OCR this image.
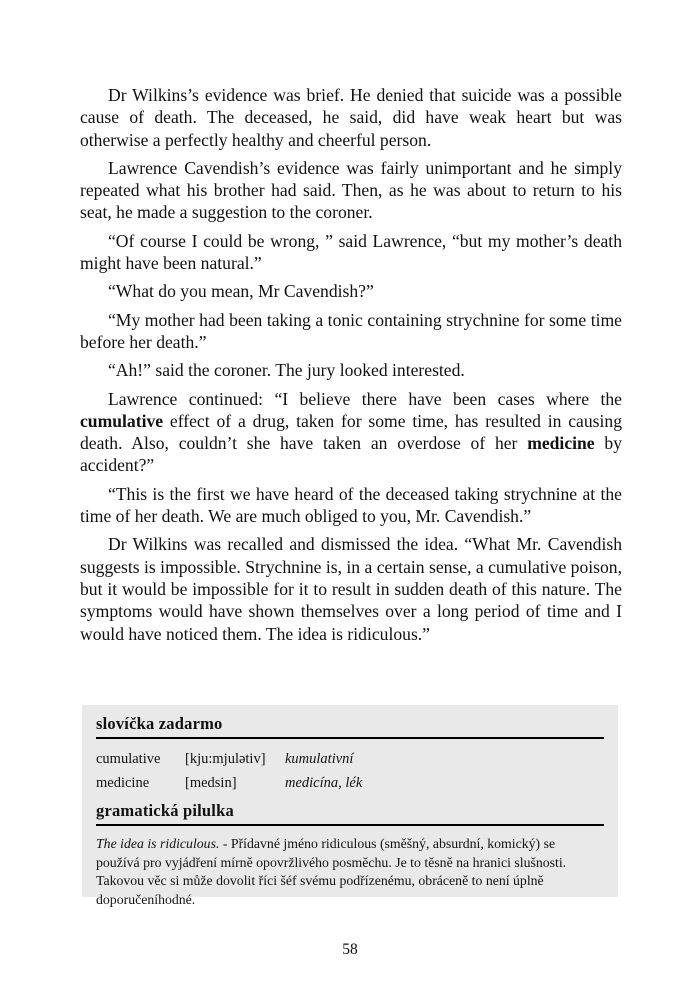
Dr Wilkins’s evidence was brief. He denied that suicide was a possible cause of death. The deceased, he said, did have weak heart but was otherwise a perfectly healthy and cheerful person.

Lawrence Cavendish’s evidence was fairly unimportant and he simply repeated what his brother had said. Then, as he was about to return to his seat, he made a suggestion to the coroner.

“Of course I could be wrong, ” said Lawrence, “but my mother’s death might have been natural.”

“What do you mean, Mr Cavendish?”

“My mother had been taking a tonic containing strychnine for some time before her death.”

“Ah!” said the coroner. The jury looked interested.

Lawrence continued: “I believe there have been cases where the cumulative effect of a drug, taken for some time, has resulted in causing death. Also, couldn’t she have taken an overdose of her medicine by accident?”

“This is the first we have heard of the deceased taking strychnine at the time of her death. We are much obliged to you, Mr. Cavendish.”

Dr Wilkins was recalled and dismissed the idea. “What Mr. Cavendish suggests is impossible. Strychnine is, in a certain sense, a cumulative poison, but it would be impossible for it to result in sudden death of this nature. The symptoms would have shown themselves over a long period of time and I would have noticed them. The idea is ridiculous.”

slovíčka zadarmo
cumulative	[kju:mjulətiv]	kumulativní
medicine	[medsin]	medicína, lék
gramatická pilulka

The idea is ridiculous. - Přídavné jméno ridiculous (směšný, absurdní, komický) se používá pro vyjádření mírně opovržlivého posměchu. Je to těsně na hranici slušnosti. Takovou věc si může dovolit říci šéf svému podřízenému, obráceně to není úplně doporučeníhodné.

58
